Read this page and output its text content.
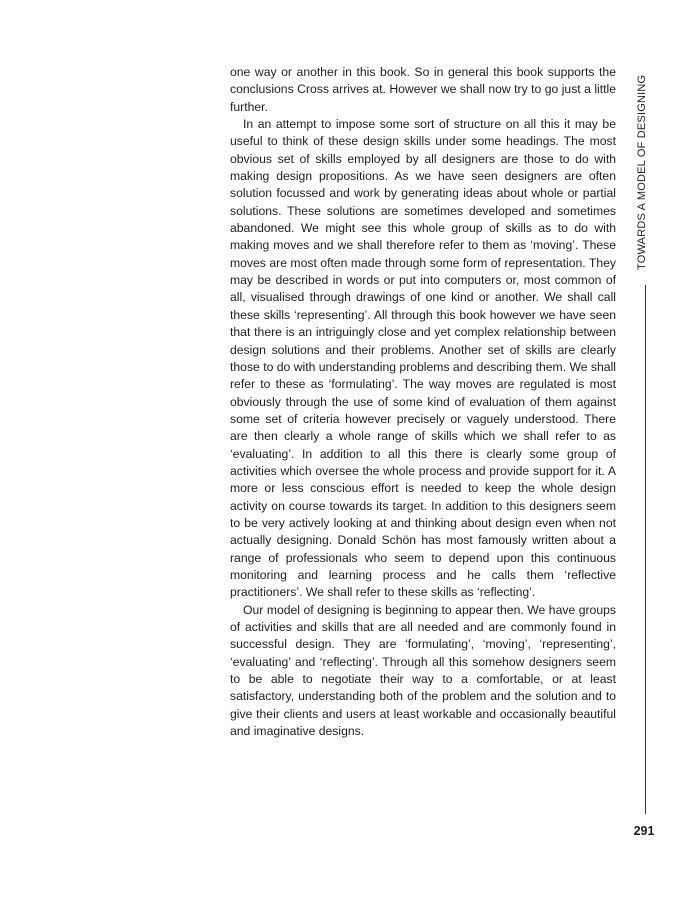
one way or another in this book. So in general this book supports the conclusions Cross arrives at. However we shall now try to go just a little further.

In an attempt to impose some sort of structure on all this it may be useful to think of these design skills under some headings. The most obvious set of skills employed by all designers are those to do with making design propositions. As we have seen designers are often solution focussed and work by generating ideas about whole or partial solutions. These solutions are sometimes developed and sometimes abandoned. We might see this whole group of skills as to do with making moves and we shall therefore refer to them as ‘moving’. These moves are most often made through some form of representation. They may be described in words or put into computers or, most common of all, visualised through drawings of one kind or another. We shall call these skills ‘representing’. All through this book however we have seen that there is an intriguingly close and yet complex relationship between design solutions and their problems. Another set of skills are clearly those to do with understanding problems and describing them. We shall refer to these as ‘formulating’. The way moves are regulated is most obviously through the use of some kind of evaluation of them against some set of criteria however precisely or vaguely understood. There are then clearly a whole range of skills which we shall refer to as ‘evaluating’. In addition to all this there is clearly some group of activities which oversee the whole process and provide support for it. A more or less conscious effort is needed to keep the whole design activity on course towards its target. In addition to this designers seem to be very actively looking at and thinking about design even when not actually designing. Donald Schön has most famously written about a range of professionals who seem to depend upon this continuous monitoring and learning process and he calls them ‘reflective practitioners’. We shall refer to these skills as ‘reflecting’.

Our model of designing is beginning to appear then. We have groups of activities and skills that are all needed and are commonly found in successful design. They are ‘formulating’, ‘moving’, ‘representing’, ‘evaluating’ and ‘reflecting’. Through all this somehow designers seem to be able to negotiate their way to a comfortable, or at least satisfactory, understanding both of the problem and the solution and to give their clients and users at least workable and occasionally beautiful and imaginative designs.

TOWARDS A MODEL OF DESIGNING
291
